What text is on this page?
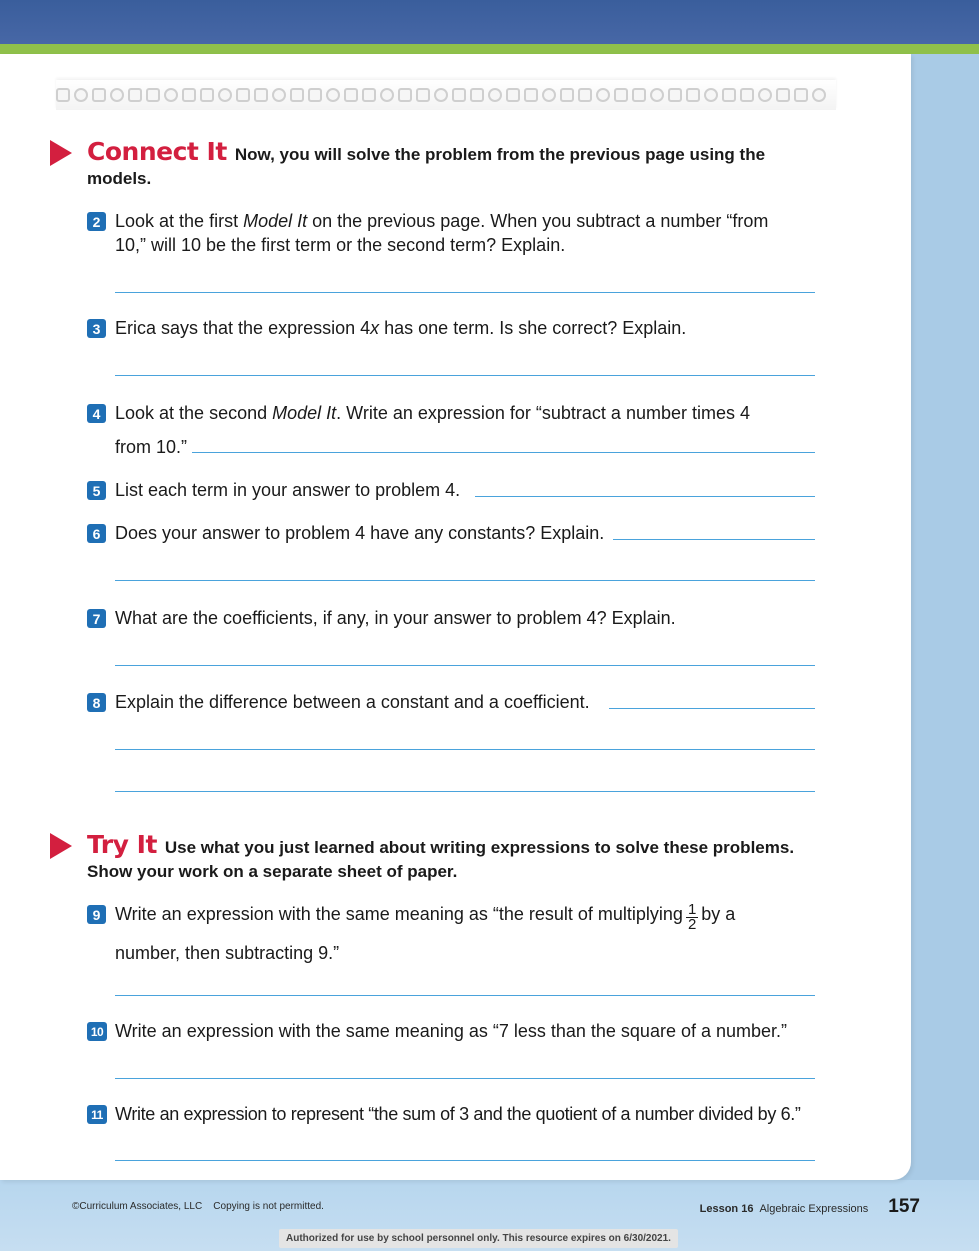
Connect It Now, you will solve the problem from the previous page using the models.
2 Look at the first Model It on the previous page. When you subtract a number “from 10,” will 10 be the first term or the second term? Explain.
3 Erica says that the expression 4x has one term. Is she correct? Explain.
4 Look at the second Model It. Write an expression for “subtract a number times 4
from 10.”
5 List each term in your answer to problem 4.
6 Does your answer to problem 4 have any constants? Explain.
7 What are the coefficients, if any, in your answer to problem 4? Explain.
8 Explain the difference between a constant and a coefficient.
Try It Use what you just learned about writing expressions to solve these problems. Show your work on a separate sheet of paper.
9 Write an expression with the same meaning as “the result of multiplying $\frac{1}{2}$ by a
number, then subtracting 9.”
10 Write an expression with the same meaning as “7 less than the square of a number.”
11 Write an expression to represent “the sum of 3 and the quotient of a number divided by 6.”
©Curriculum Associates, LLC    Copying is not permitted.	Lesson 16 Algebraic Expressions 157
Authorized for use by school personnel only. This resource expires on 6/30/2021.
